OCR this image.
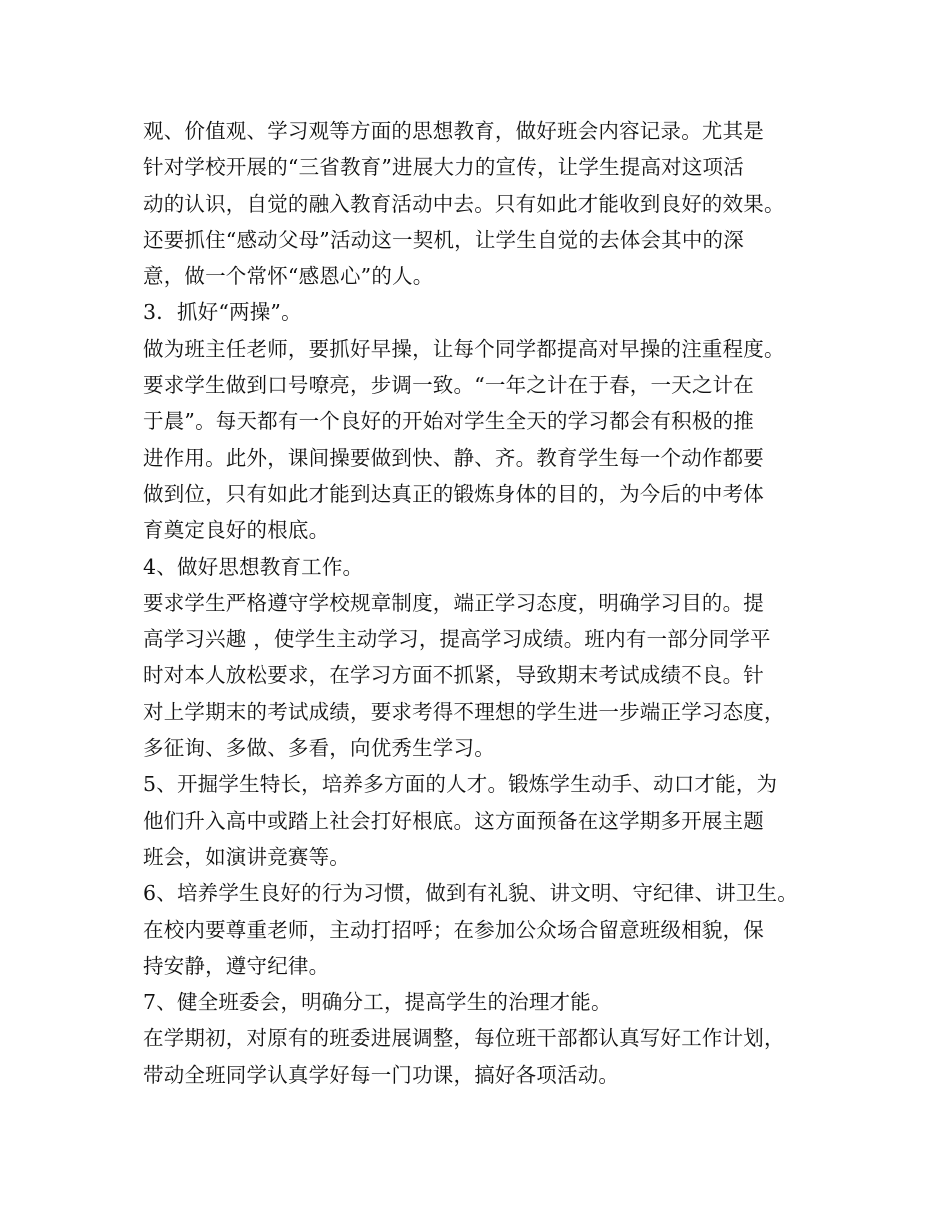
观、价值观、学习观等方面的思想教育，做好班会内容记录。尤其是
针对学校开展的“三省教育”进展大力的宣传，让学生提高对这项活
动的认识，自觉的融入教育活动中去。只有如此才能收到良好的效果。
还要抓住“感动父母”活动这一契机，让学生自觉的去体会其中的深
意，做一个常怀“感恩心”的人。
3．抓好“两操”。
做为班主任老师，要抓好早操，让每个同学都提高对早操的注重程度。
要求学生做到口号嘹亮，步调一致。“一年之计在于春，一天之计在
于晨”。每天都有一个良好的开始对学生全天的学习都会有积极的推
进作用。此外，课间操要做到快、静、齐。教育学生每一个动作都要
做到位，只有如此才能到达真正的锻炼身体的目的，为今后的中考体
育奠定良好的根底。
4、做好思想教育工作。
要求学生严格遵守学校规章制度，端正学习态度，明确学习目的。提
高学习兴趣 ，使学生主动学习，提高学习成绩。班内有一部分同学平
时对本人放松要求，在学习方面不抓紧，导致期末考试成绩不良。针
对上学期末的考试成绩，要求考得不理想的学生进一步端正学习态度，
多征询、多做、多看，向优秀生学习。
5、开掘学生特长，培养多方面的人才。锻炼学生动手、动口才能，为
他们升入高中或踏上社会打好根底。这方面预备在这学期多开展主题
班会，如演讲竞赛等。
6、培养学生良好的行为习惯，做到有礼貌、讲文明、守纪律、讲卫生。
在校内要尊重老师，主动打招呼；在参加公众场合留意班级相貌，保
持安静，遵守纪律。
7、健全班委会，明确分工，提高学生的治理才能。
在学期初，对原有的班委进展调整，每位班干部都认真写好工作计划，
带动全班同学认真学好每一门功课，搞好各项活动。
